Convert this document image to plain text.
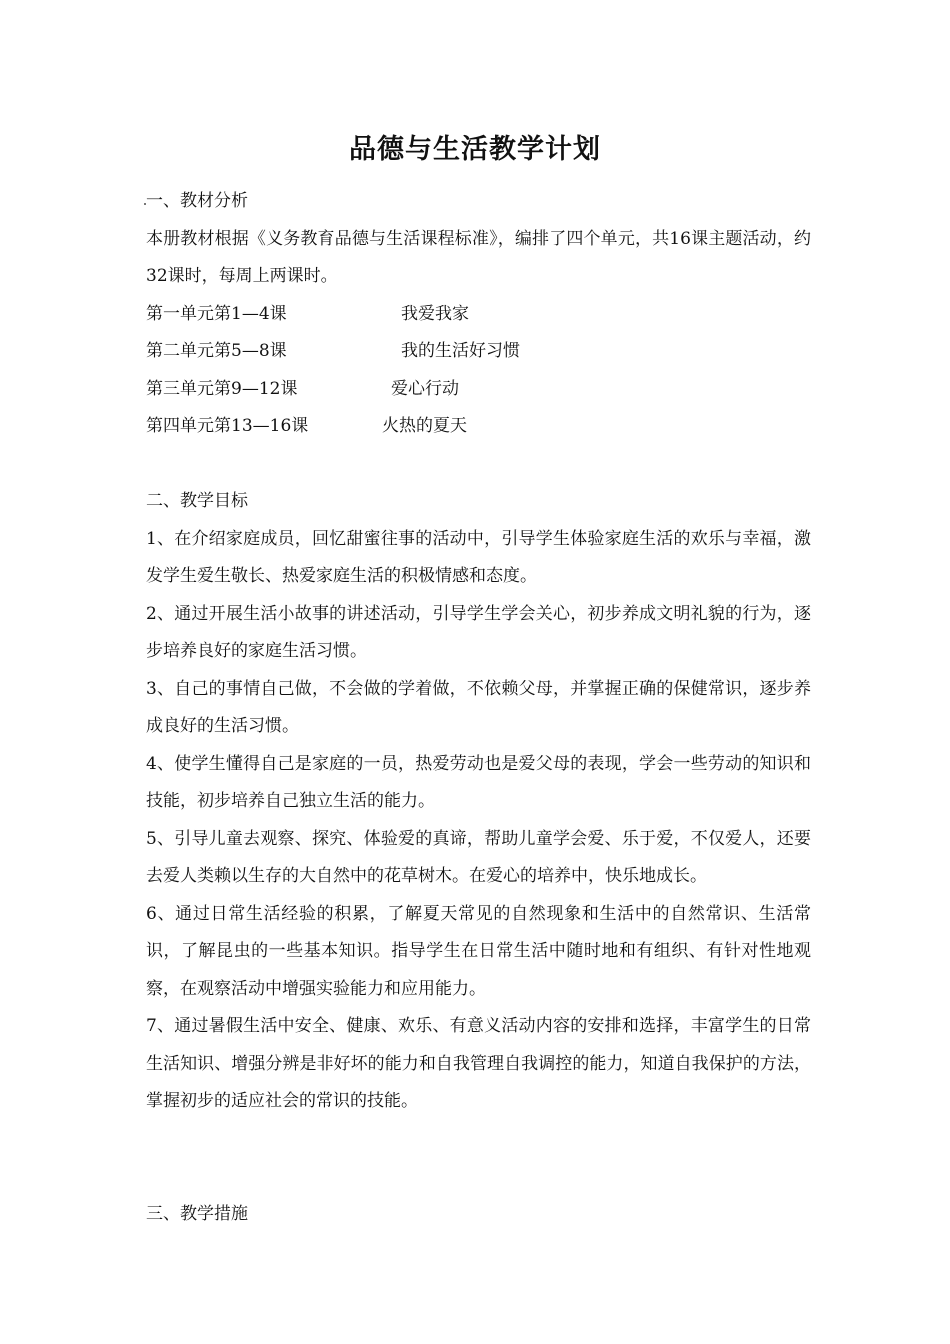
品德与生活教学计划
一、教材分析
本册教材根据《义务教育品德与生活课程标准》，编排了四个单元，共16课主题活动，约32课时，每周上两课时。
第一单元第1—4课	我爱我家
第二单元第5—8课	我的生活好习惯
第三单元第9—12课	爱心行动
第四单元第13—16课	火热的夏天
二、教学目标
1、在介绍家庭成员，回忆甜蜜往事的活动中，引导学生体验家庭生活的欢乐与幸福，激发学生爱生敬长、热爱家庭生活的积极情感和态度。
2、通过开展生活小故事的讲述活动，引导学生学会关心，初步养成文明礼貌的行为，逐步培养良好的家庭生活习惯。
3、自己的事情自己做，不会做的学着做，不依赖父母，并掌握正确的保健常识，逐步养成良好的生活习惯。
4、使学生懂得自己是家庭的一员，热爱劳动也是爱父母的表现，学会一些劳动的知识和技能，初步培养自己独立生活的能力。
5、引导儿童去观察、探究、体验爱的真谛，帮助儿童学会爱、乐于爱，不仅爱人，还要去爱人类赖以生存的大自然中的花草树木。在爱心的培养中，快乐地成长。
6、通过日常生活经验的积累，了解夏天常见的自然现象和生活中的自然常识、生活常识，了解昆虫的一些基本知识。指导学生在日常生活中随时地和有组织、有针对性地观察，在观察活动中增强实验能力和应用能力。
7、通过暑假生活中安全、健康、欢乐、有意义活动内容的安排和选择，丰富学生的日常生活知识、增强分辨是非好坏的能力和自我管理自我调控的能力，知道自我保护的方法，掌握初步的适应社会的常识的技能。
三、教学措施
